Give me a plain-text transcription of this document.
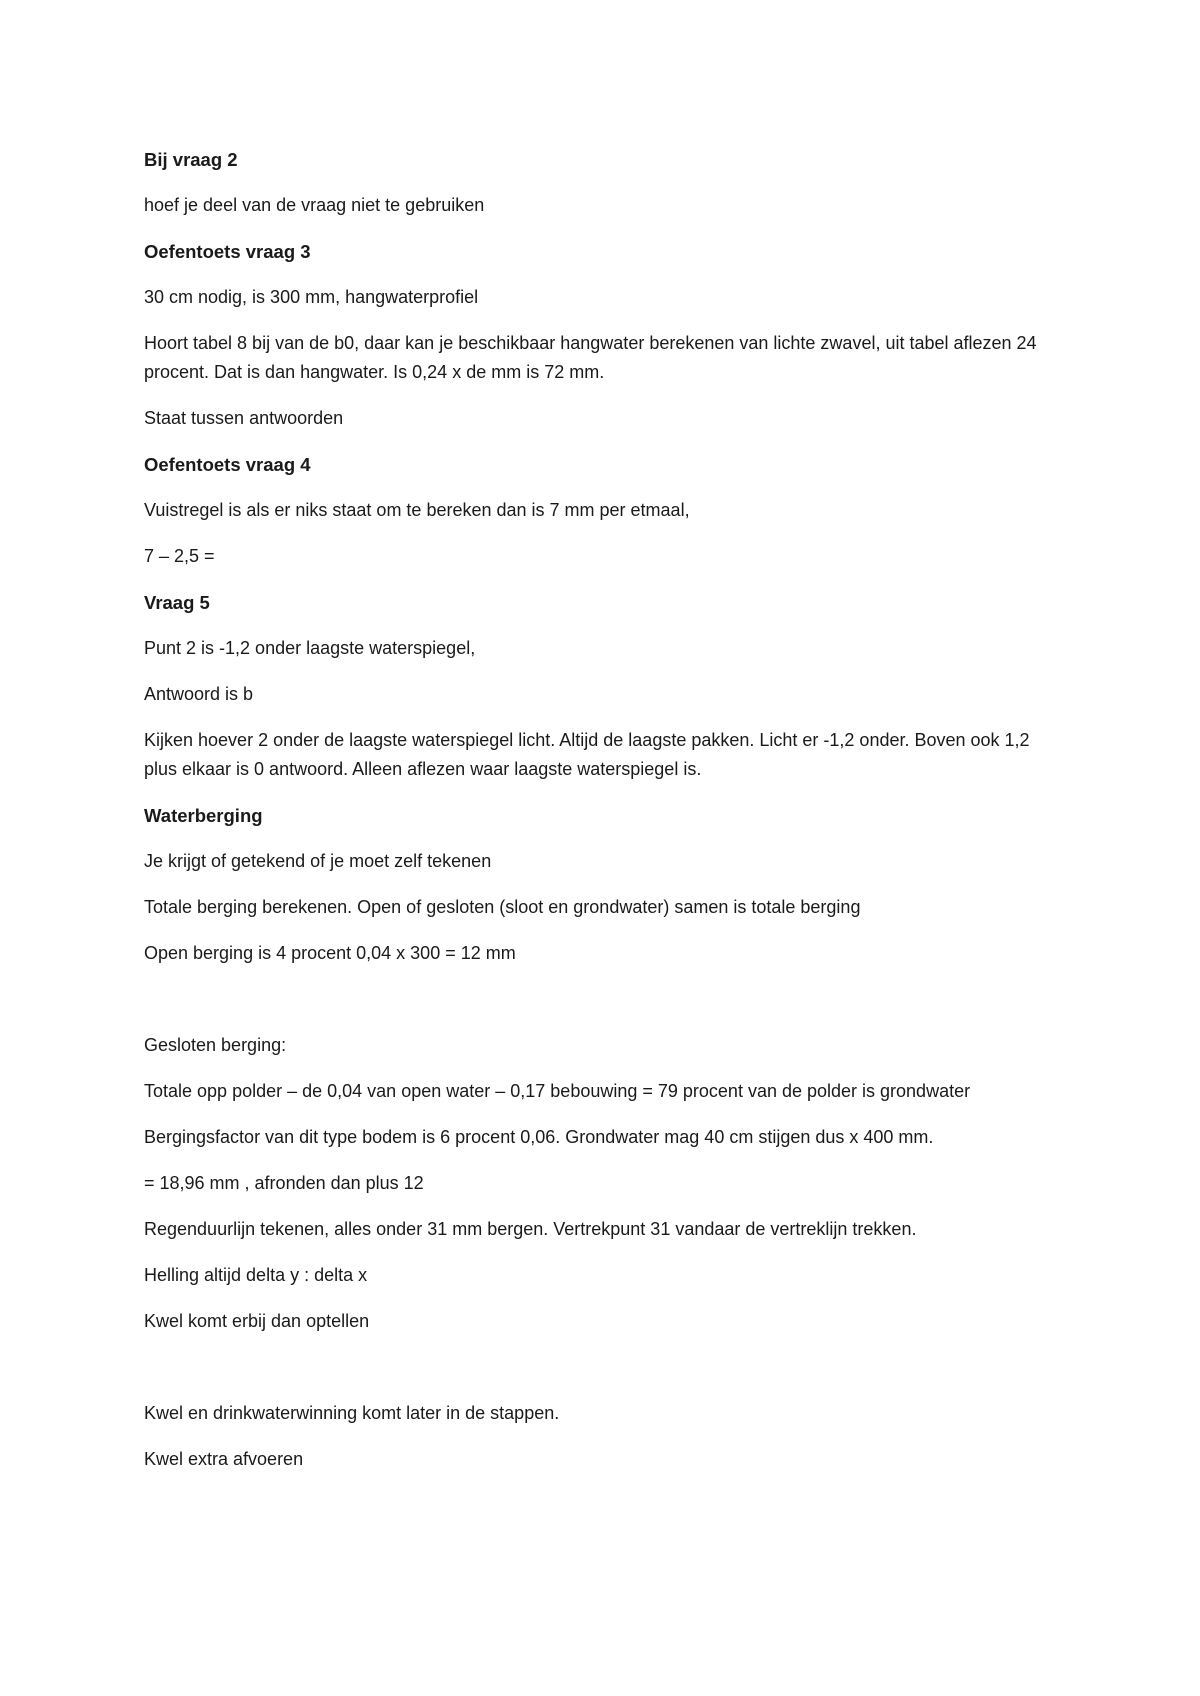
Bij vraag 2
hoef je deel van de vraag niet te gebruiken
Oefentoets vraag 3
30 cm nodig, is 300 mm, hangwaterprofiel
Hoort tabel 8 bij van de b0, daar kan je beschikbaar hangwater berekenen van lichte zwavel, uit tabel aflezen 24 procent. Dat is dan hangwater. Is 0,24 x de mm is 72 mm.
Staat tussen antwoorden
Oefentoets vraag 4
Vuistregel is als er niks staat om te bereken dan is 7 mm per etmaal,
7 – 2,5 =
Vraag 5
Punt 2 is -1,2 onder laagste waterspiegel,
Antwoord is b
Kijken hoever 2 onder de laagste waterspiegel licht. Altijd de laagste pakken. Licht er -1,2 onder. Boven ook 1,2 plus elkaar is 0 antwoord. Alleen aflezen waar laagste waterspiegel is.
Waterberging
Je krijgt of getekend of je moet zelf tekenen
Totale berging berekenen. Open of gesloten (sloot en grondwater) samen is totale berging
Open berging is 4 procent 0,04 x 300 = 12 mm
Gesloten berging:
Totale opp polder – de 0,04 van open water – 0,17 bebouwing = 79 procent van de polder is grondwater
Bergingsfactor van dit type bodem is 6 procent 0,06. Grondwater mag 40 cm stijgen dus x 400 mm.
= 18,96 mm , afronden dan plus 12
Regenduurlijn tekenen, alles onder 31 mm bergen. Vertrekpunt 31 vandaar de vertreklijn trekken.
Helling altijd delta y : delta x
Kwel komt erbij dan optellen
Kwel en drinkwaterwinning komt later in de stappen.
Kwel extra afvoeren
